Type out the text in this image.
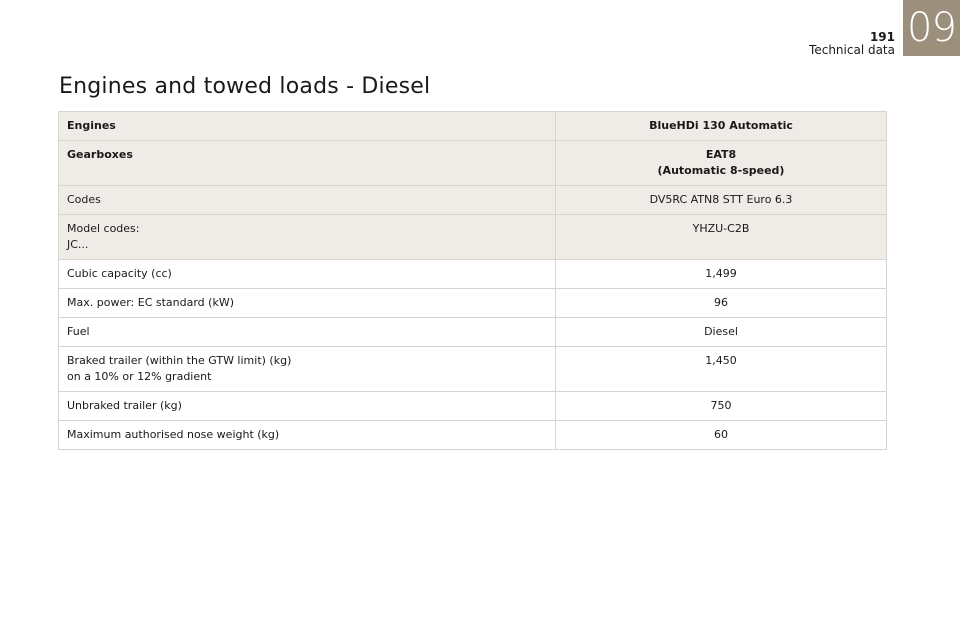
09
191
Technical data
Engines and towed loads - Diesel
Engines	BlueHDi 130 Automatic

Gearboxes	EAT8
(Automatic 8-speed)

Codes	DV5RC ATN8 STT Euro 6.3

Model codes:
JC...	YHZU-C2B

Cubic capacity (cc)	1,499

Max. power: EC standard (kW)	96

Fuel	Diesel

Braked trailer (within the GTW limit) (kg)
on a 10% or 12% gradient	1,450

Unbraked trailer (kg)	750

Maximum authorised nose weight (kg)	60
